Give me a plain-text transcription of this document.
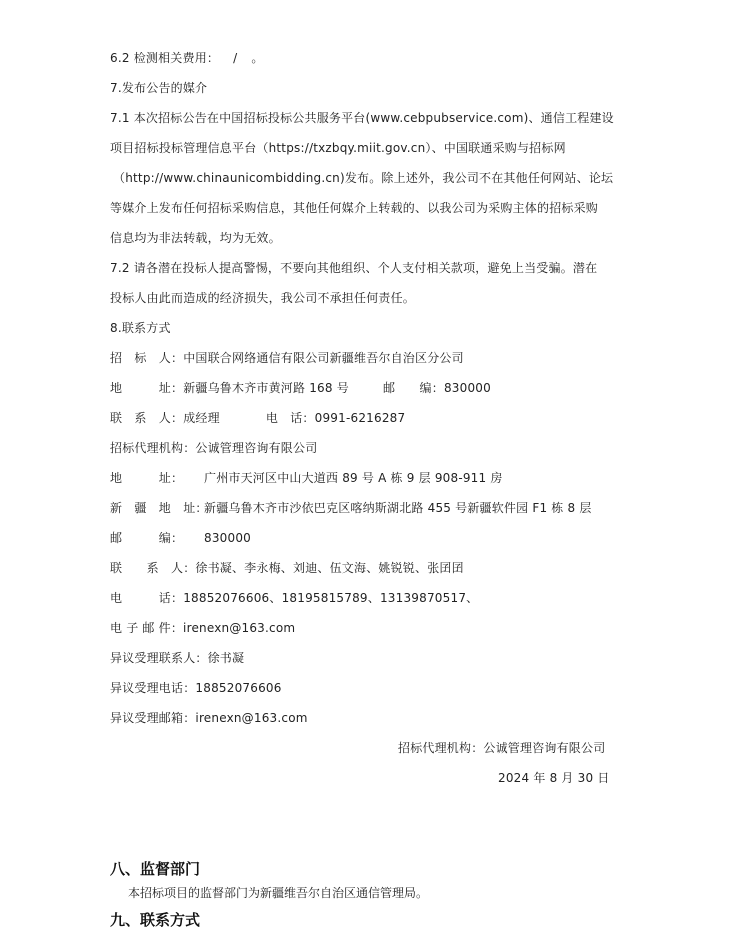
6.2 检测相关费用： / 。
7.发布公告的媒介
7.1 本次招标公告在中国招标投标公共服务平台(www.cebpubservice.com)、通信工程建设
项目招标投标管理信息平台（https://txzbqy.miit.gov.cn）、中国联通采购与招标网
（http://www.chinaunicombidding.cn)发布。除上述外，我公司不在其他任何网站、论坛
等媒介上发布任何招标采购信息，其他任何媒介上转载的、以我公司为采购主体的招标采购
信息均为非法转载，均为无效。
7.2 请各潜在投标人提高警惕，不要向其他组织、个人支付相关款项，避免上当受骗。潜在
投标人由此而造成的经济损失，我公司不承担任何责任。
8.联系方式
招　标　人：中国联合网络通信有限公司新疆维吾尔自治区分公司
地　　　址：新疆乌鲁木齐市黄河路 168 号	邮　　编：830000
联　系　人：成经理	电　话：0991-6216287
招标代理机构：公诚管理咨询有限公司
地　　　址： 广州市天河区中山大道西 89 号 A 栋 9 层 908-911 房
新　疆　地　址：新疆乌鲁木齐市沙依巴克区喀纳斯湖北路 455 号新疆软件园 F1 栋 8 层
邮　　　编： 830000
联　　系　人：徐书凝、李永梅、刘迪、伍文海、姚锐锐、张囝囝
电　　　话：18852076606、18195815789、13139870517、
电 子 邮 件：irenexn@163.com
异议受理联系人：徐书凝
异议受理电话：18852076606
异议受理邮箱：irenexn@163.com
招标代理机构：公诚管理咨询有限公司
2024 年 8 月 30 日
八、监督部门
本招标项目的监督部门为新疆维吾尔自治区通信管理局。
九、联系方式
